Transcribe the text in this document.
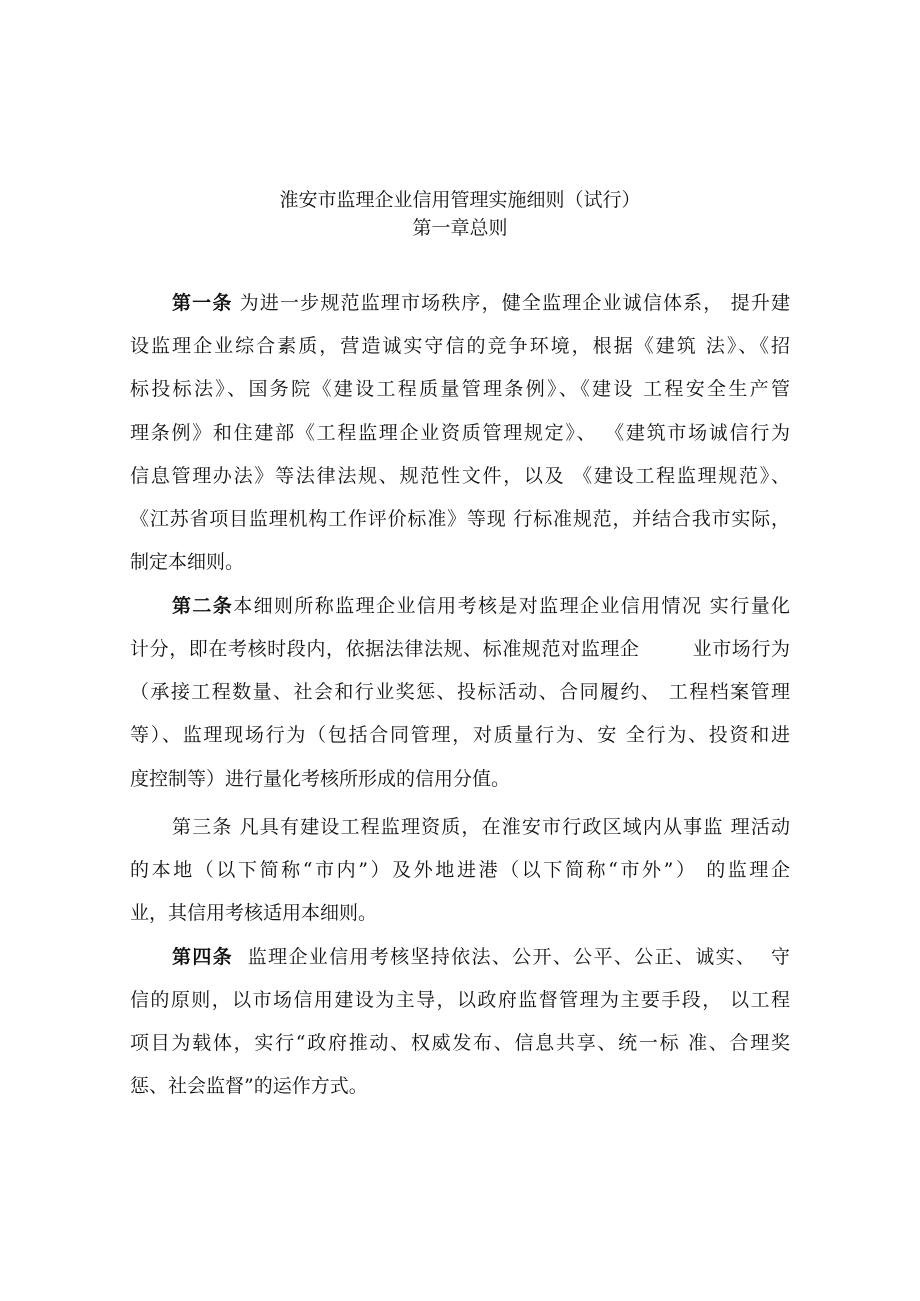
淮安市监理企业信用管理实施细则（试行）
第一章总则
第一条 为进一步规范监理市场秩序，健全监理企业诚信体系， 提升建
设监理企业综合素质，营造诚实守信的竞争环境，根据《建筑 法》、《招
标投标法》、国务院《建设工程质量管理条例》、《建设 工程安全生产管
理条例》和住建部《工程监理企业资质管理规定》、 《建筑市场诚信行为
信息管理办法》等法律法规、规范性文件，以及 《建设工程监理规范》、
《江苏省项目监理机构工作评价标准》等现 行标准规范，并结合我市实际，
制定本细则。
第二条本细则所称监理企业信用考核是对监理企业信用情况 实行量化
计分，即在考核时段内，依据法律法规、标准规范对监理企        业市场行为
（承接工程数量、社会和行业奖惩、投标活动、合同履约、 工程档案管理
等）、监理现场行为（包括合同管理，对质量行为、安 全行为、投资和进
度控制等）进行量化考核所形成的信用分值。
第三条 凡具有建设工程监理资质，在淮安市行政区域内从事监 理活动
的本地（以下简称“市内”）及外地进港（以下简称“市外”） 的监理企
业，其信用考核适用本细则。
第四条  监理企业信用考核坚持依法、公开、公平、公正、诚实、  守
信的原则，以市场信用建设为主导，以政府监督管理为主要手段， 以工程
项目为载体，实行“政府推动、权威发布、信息共享、统一标 准、合理奖
惩、社会监督”的运作方式。
